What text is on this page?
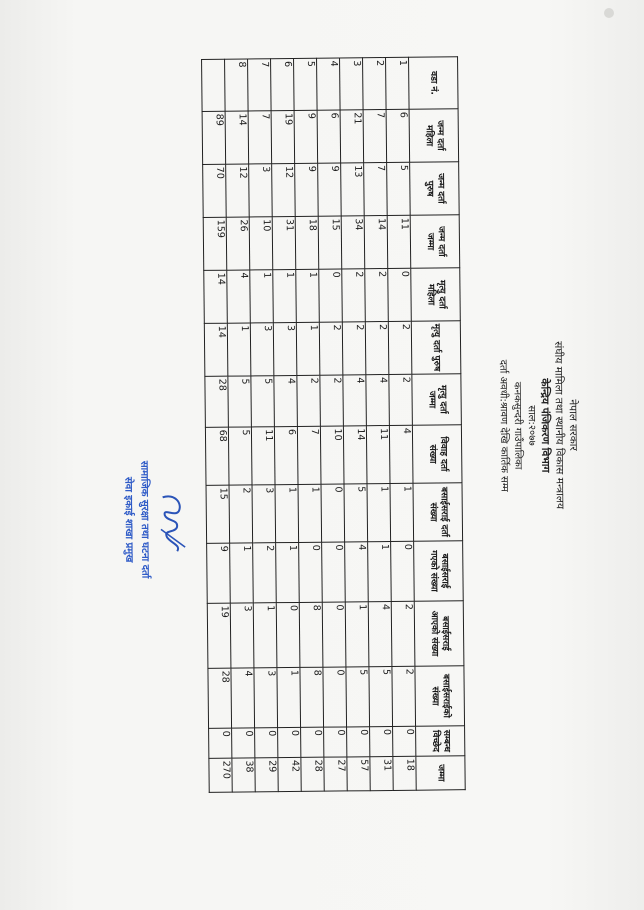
नेपाल सरकार
संघीय मामिला तथा स्थानीय विकास मन्त्रालय
केन्द्रिय पंजिकरण विभाग
साल:२०७७
कनकसुन्दरी गाउँपालिका
दर्ता अवधी:श्रावण देखि कार्तिक सम्म
वडा नं.	जन्म दर्ता महिला	जन्म दर्ता पुरुष	जन्म दर्ता जम्मा	मृत्यु दर्ता महिला	मृत्यु दर्ता पुरुष	मृत्यु दर्ता जम्मा	विवाह दर्ता संख्या	बसाईसराई दर्ता संख्या	बसाईसराई गएको संख्या	बसाईसराई आएको संख्या	बसाईसराईको संख्या	सम्बन्ध विच्छेद	जम्मा
1	6	5	11	0	2	2	4	1	0	2	2	0	18
2	7	7	14	2	2	4	11	1	1	4	5	0	31
3	21	13	34	2	2	4	14	5	4	1	5	0	57
4	6	9	15	0	2	2	10	0	0	0	0	0	27
5	9	9	18	1	1	2	7	1	0	8	8	0	28
6	19	12	31	1	3	4	6	1	1	0	1	0	42
7	7	3	10	1	3	5	11	3	2	1	3	0	29
8	14	12	26	4	1	5	5	2	1	3	4	0	38
	89	70	159	14	14	28	68	15	9	19	28	0	270
सामाजिक सुरक्षा तथा घटना दर्ता
सेवा इकाई शाखा प्रमुख
